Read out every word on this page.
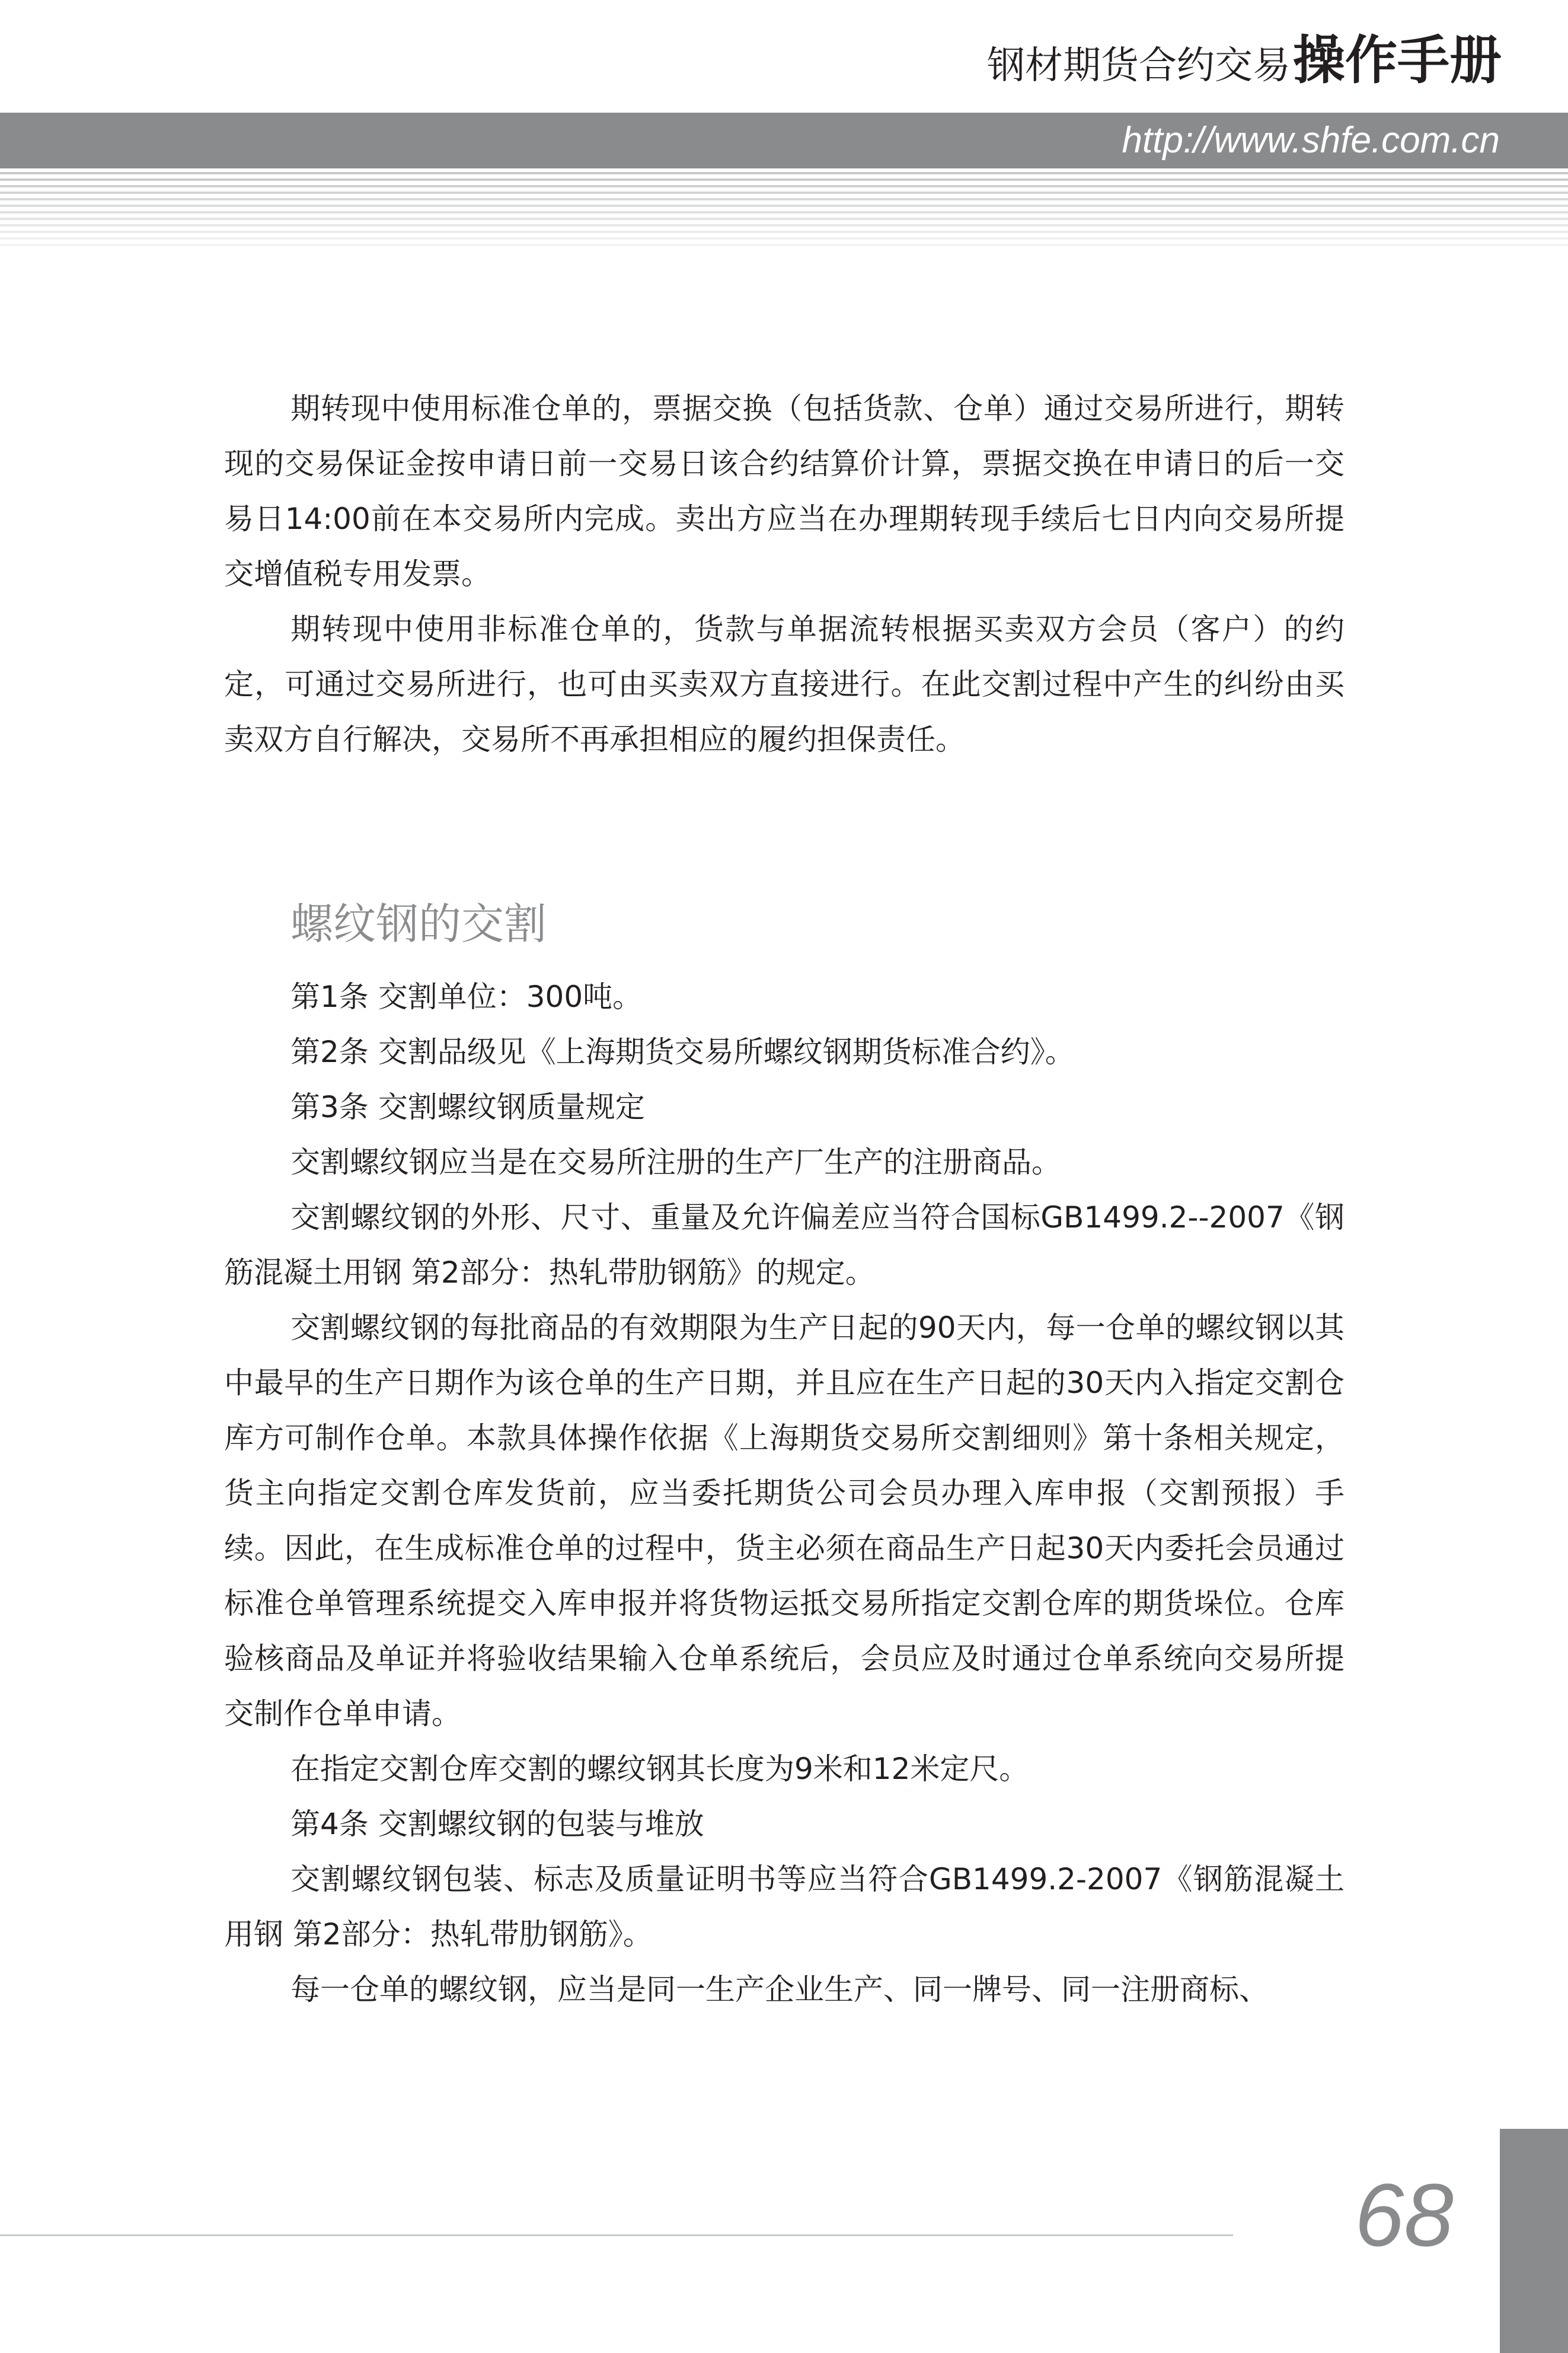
钢材期货合约交易操作手册
http://www.shfe.com.cn

期转现中使用标准仓单的，票据交换（包括货款、仓单）通过交易所进行，期转现的交易保证金按申请日前一交易日该合约结算价计算，票据交换在申请日的后一交易日14:00前在本交易所内完成。卖出方应当在办理期转现手续后七日内向交易所提交增值税专用发票。

期转现中使用非标准仓单的，货款与单据流转根据买卖双方会员（客户）的约定，可通过交易所进行，也可由买卖双方直接进行。在此交割过程中产生的纠纷由买卖双方自行解决，交易所不再承担相应的履约担保责任。

螺纹钢的交割

第1条 交割单位：300吨。

第2条 交割品级见《上海期货交易所螺纹钢期货标准合约》。

第3条 交割螺纹钢质量规定

交割螺纹钢应当是在交易所注册的生产厂生产的注册商品。

交割螺纹钢的外形、尺寸、重量及允许偏差应当符合国标GB1499.2--2007《钢筋混凝土用钢 第2部分：热轧带肋钢筋》的规定。

交割螺纹钢的每批商品的有效期限为生产日起的90天内，每一仓单的螺纹钢以其中最早的生产日期作为该仓单的生产日期，并且应在生产日起的30天内入指定交割仓库方可制作仓单。本款具体操作依据《上海期货交易所交割细则》第十条相关规定，货主向指定交割仓库发货前，应当委托期货公司会员办理入库申报（交割预报）手续。因此，在生成标准仓单的过程中，货主必须在商品生产日起30天内委托会员通过标准仓单管理系统提交入库申报并将货物运抵交易所指定交割仓库的期货垛位。仓库验核商品及单证并将验收结果输入仓单系统后，会员应及时通过仓单系统向交易所提交制作仓单申请。

在指定交割仓库交割的螺纹钢其长度为9米和12米定尺。

第4条 交割螺纹钢的包装与堆放

交割螺纹钢包装、标志及质量证明书等应当符合GB1499.2-2007《钢筋混凝土用钢 第2部分：热轧带肋钢筋》。

每一仓单的螺纹钢，应当是同一生产企业生产、同一牌号、同一注册商标、

68
